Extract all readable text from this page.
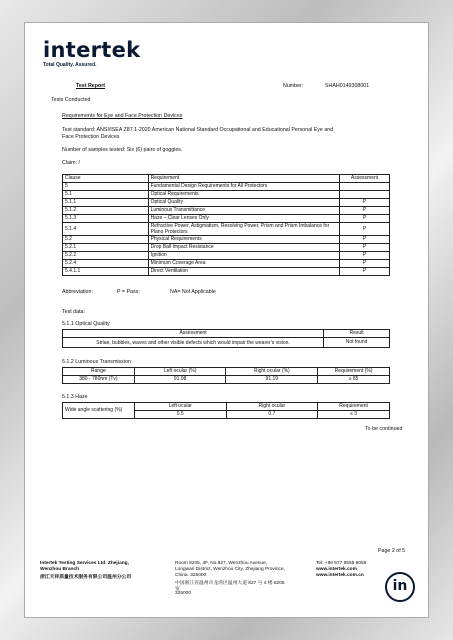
intertek
Total Quality. Assured.
Test Report	Number:	SHAH0149308001
Tests Conducted
Requirements for Eye and Face Protection Devices
Test standard: ANSI/ISEA Z87.1-2020 American National Standard Occupational and Educational Personal Eye and
Face Protection Devices
Number of samples tested: Six (6) pairs of goggles.
Claim: /
Clause	Requirement	Assessment
5	Fundamental Design Requirements for All Protectors	
5.1	Optical Requirements	
5.1.1	Optical Quality	P
5.1.2	Luminous Transmittance	P
5.1.3	Haze – Clear Lenses Only	P
5.1.4	Refractive Power, Astigmatism, Resolving Power, Prism and Prism Imbalance for Plano Protectors	P
5.2	Physical Requirements	P
5.2.1	Drop Ball Impact Resistance	P
5.2.2	Ignition	P
5.2.4	Minimum Coverage Area	P
5.4.1.1	Direct Ventilation	P
Abbreviation:	P = Pass;	NA= Not Applicable
Test data:
5.1.1 Optical Quality
Assessment	Result
Striae, bubbles, waves and other visible defects which would impair the wearer’s vision.	Not found
5.1.2 Luminous Transmission
Range	Left ocular (%)	Right ocular (%)	Requirement (%)
380 - 780nm (Tv)	91.98	91.19	≥ 85
5.1.3 Haze
Wide angle scattering (%)	Left ocular	Right ocular	Requirement
	0.5	0.7	≤ 3
To be continued
Page 2 of 5
Intertek Testing Services Ltd. Zhejiang,
Wenzhou Branch
浙江天祥质量技术服务有限公司温州分公司
Room 8205, 4F, No.827, Wenzhou Avenue,
Longwan District, Wenzhou City, Zhejiang Province,
China. 325000
中国浙江省温州市龙湾区温州大道 827 号 4 楼 8205
室
325000
Tel: +86 577 8555 6055
www.intertek.com
www.intertek.com.cn
in
